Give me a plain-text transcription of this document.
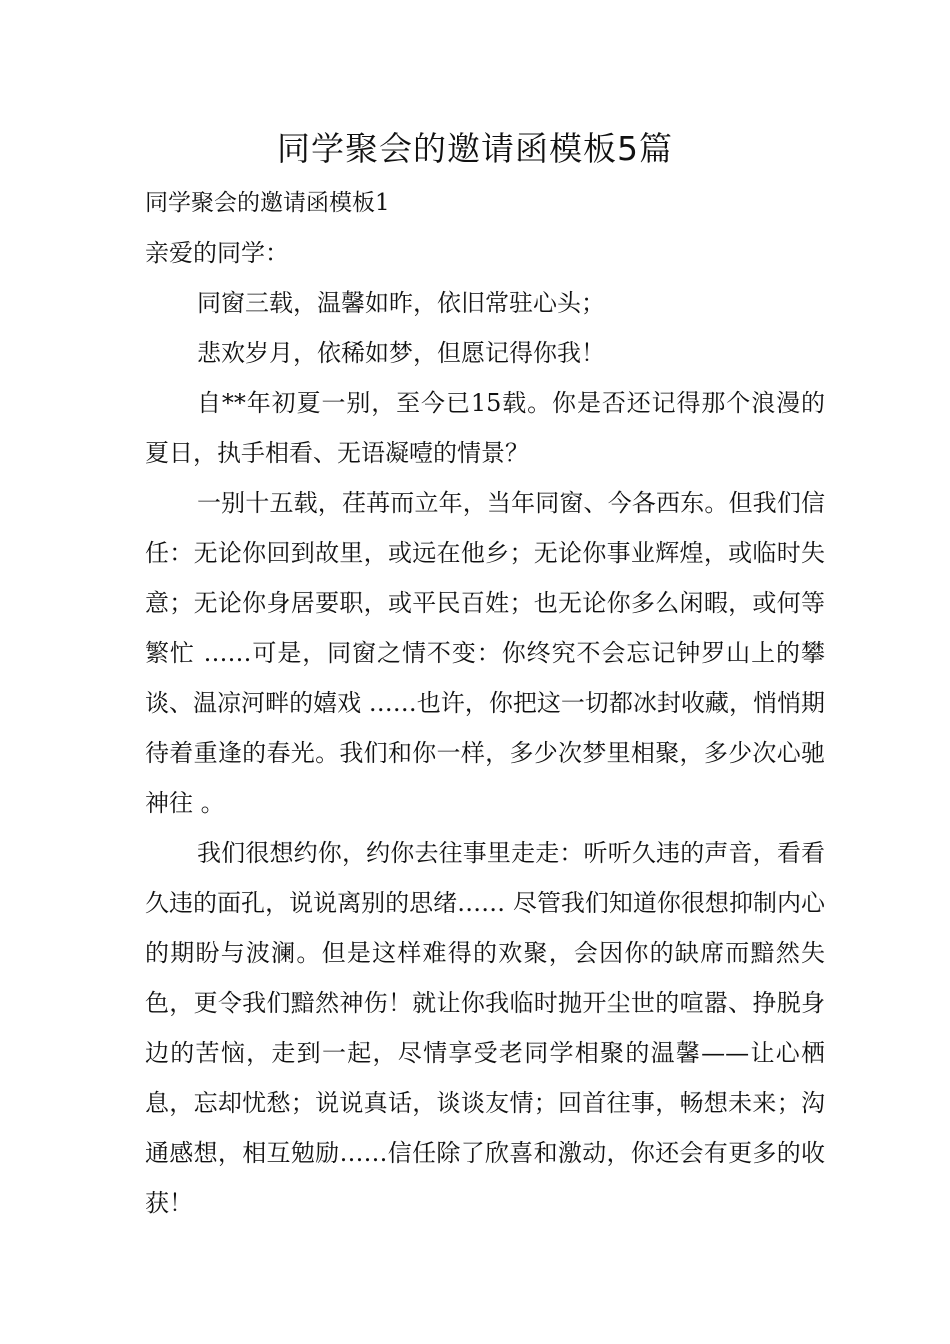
同学聚会的邀请函模板5篇

同学聚会的邀请函模板1

亲爱的同学：

同窗三载，温馨如昨，依旧常驻心头；

悲欢岁月，依稀如梦，但愿记得你我！

自**年初夏一别，至今已15载。你是否还记得那个浪漫的夏日，执手相看、无语凝噎的情景？

一别十五载，荏苒而立年，当年同窗、今各西东。但我们信任：无论你回到故里，或远在他乡；无论你事业辉煌，或临时失意；无论你身居要职，或平民百姓；也无论你多么闲暇，或何等繁忙 ……可是，同窗之情不变：你终究不会忘记钟罗山上的攀谈、温凉河畔的嬉戏 ……也许，你把这一切都冰封收藏，悄悄期待着重逢的春光。我们和你一样，多少次梦里相聚，多少次心驰神往 。

我们很想约你，约你去往事里走走：听听久违的声音，看看久违的面孔，说说离别的思绪…… 尽管我们知道你很想抑制内心的期盼与波澜。但是这样难得的欢聚，会因你的缺席而黯然失色，更令我们黯然神伤！就让你我临时抛开尘世的喧嚣、挣脱身边的苦恼，走到一起，尽情享受老同学相聚的温馨——让心栖息，忘却忧愁；说说真话，谈谈友情；回首往事，畅想未来；沟通感想，相互勉励……信任除了欣喜和激动，你还会有更多的收获！
